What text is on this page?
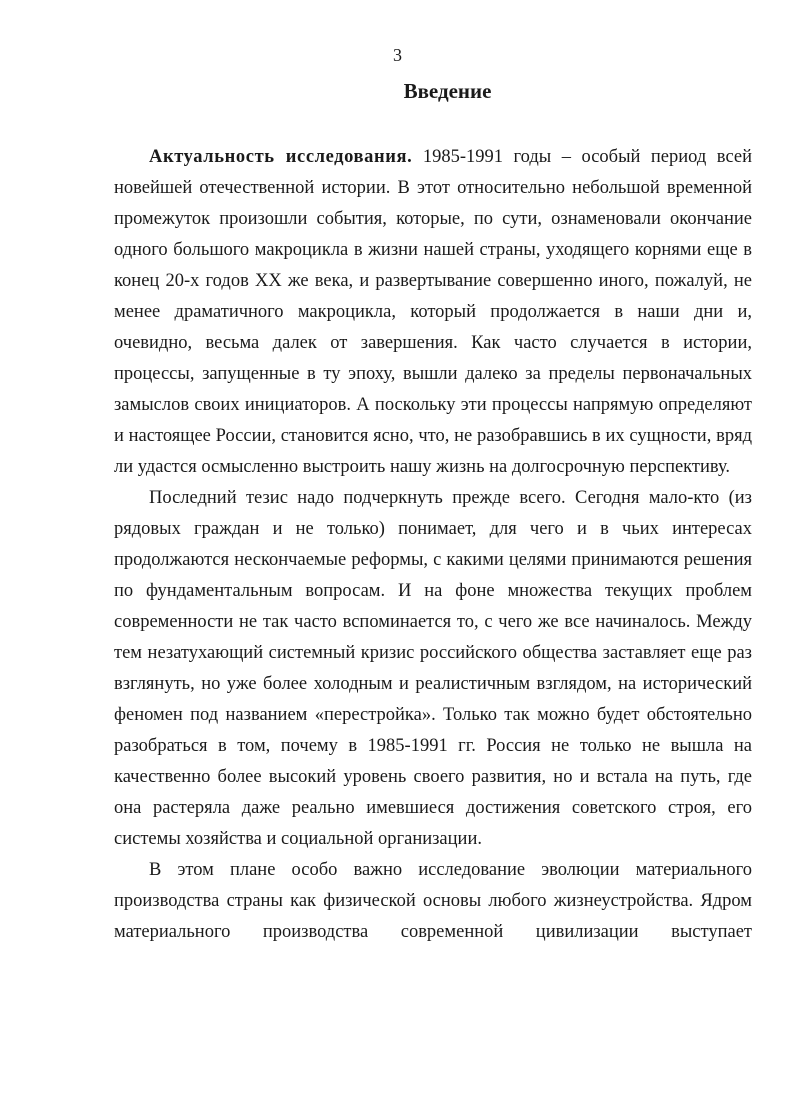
3
Введение

Актуальность исследования. 1985-1991 годы – особый период всей новейшей отечественной истории. В этот относительно небольшой временной промежуток произошли события, которые, по сути, ознаменовали окончание одного большого макроцикла в жизни нашей страны, уходящего корнями еще в конец 20-х годов XX же века, и развертывание совершенно иного, пожалуй, не менее драматичного макроцикла, который продолжается в наши дни и, очевидно, весьма далек от завершения. Как часто случается в истории, процессы, запущенные в ту эпоху, вышли далеко за пределы первоначальных замыслов своих инициаторов. А поскольку эти процессы напрямую определяют и настоящее России, становится ясно, что, не разобравшись в их сущности, вряд ли удастся осмысленно выстроить нашу жизнь на долгосрочную перспективу.

Последний тезис надо подчеркнуть прежде всего. Сегодня мало-кто (из рядовых граждан и не только) понимает, для чего и в чьих интересах продолжаются нескончаемые реформы, с какими целями принимаются решения по фундаментальным вопросам. И на фоне множества текущих проблем современности не так часто вспоминается то, с чего же все начиналось. Между тем незатухающий системный кризис российского общества заставляет еще раз взглянуть, но уже более холодным и реалистичным взглядом, на исторический феномен под названием «перестройка». Только так можно будет обстоятельно разобраться в том, почему в 1985-1991 гг. Россия не только не вышла на качественно более высокий уровень своего развития, но и встала на путь, где она растеряла даже реально имевшиеся достижения советского строя, его системы хозяйства и социальной организации.

В этом плане особо важно исследование эволюции материального производства страны как физической основы любого жизнеустройства. Ядром материального производства современной цивилизации выступает
